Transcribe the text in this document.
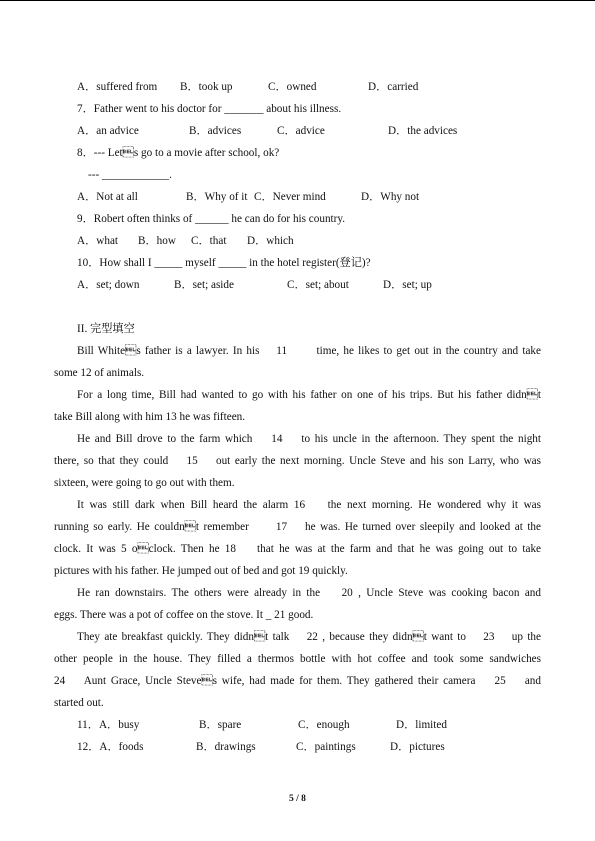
A．suffered from B．took up	C．owned	D．carried
7．Father went to his doctor for _______ about his illness.
A．an advice	B．advices	C．advice	D．the advices
8．--- Lets go to a movie after school, ok?
--- ____________.
A．Not at all	B．Why of it C．Never mind	D．Why not
9．Robert often thinks of ______ he can do for his country.
A．what B．how C．that D．which
10．How shall I _____ myself _____ in the hotel register(登记)?
A．set; down	B．set; aside	C．set; about	D．set; up
II. 完型填空
Bill Whites father is a lawyer. In his    11       time, he likes to get out in the country and take
some 12 of animals.
For a long time, Bill had wanted to go with his father on one of his trips. But his father didnt
take Bill along with him 13 he was fifteen.
He and Bill drove to the farm which    14    to his uncle in the afternoon. They spent the night
there, so that they could    15    out early the next morning. Uncle Steve and his son Larry, who was
sixteen, were going to go out with them.
It was still dark when Bill heard the alarm 16    the next morning. He wondered why it was
running so early. He couldnt remember      17    he was. He turned over sleepily and looked at the
clock. It was 5 oclock. Then he 18    that he was at the farm and that he was going out to take
pictures with his father. He jumped out of bed and got 19 quickly.
He ran downstairs. The others were already in the    20 , Uncle Steve was cooking bacon and
eggs. There was a pot of coffee on the stove. It _ 21 good.
They ate breakfast quickly. They didnt talk    22 , because they didnt want to    23    up the
other people in the house. They filled a thermos bottle with hot coffee and took some sandwiches
24    Aunt Grace, Uncle Steves wife, had made for them. They gathered their camera    25    and
started out.
11．A．busy	B．spare	C．enough	D．limited
12．A．foods	B．drawings	C．paintings	D．pictures
5 / 8
